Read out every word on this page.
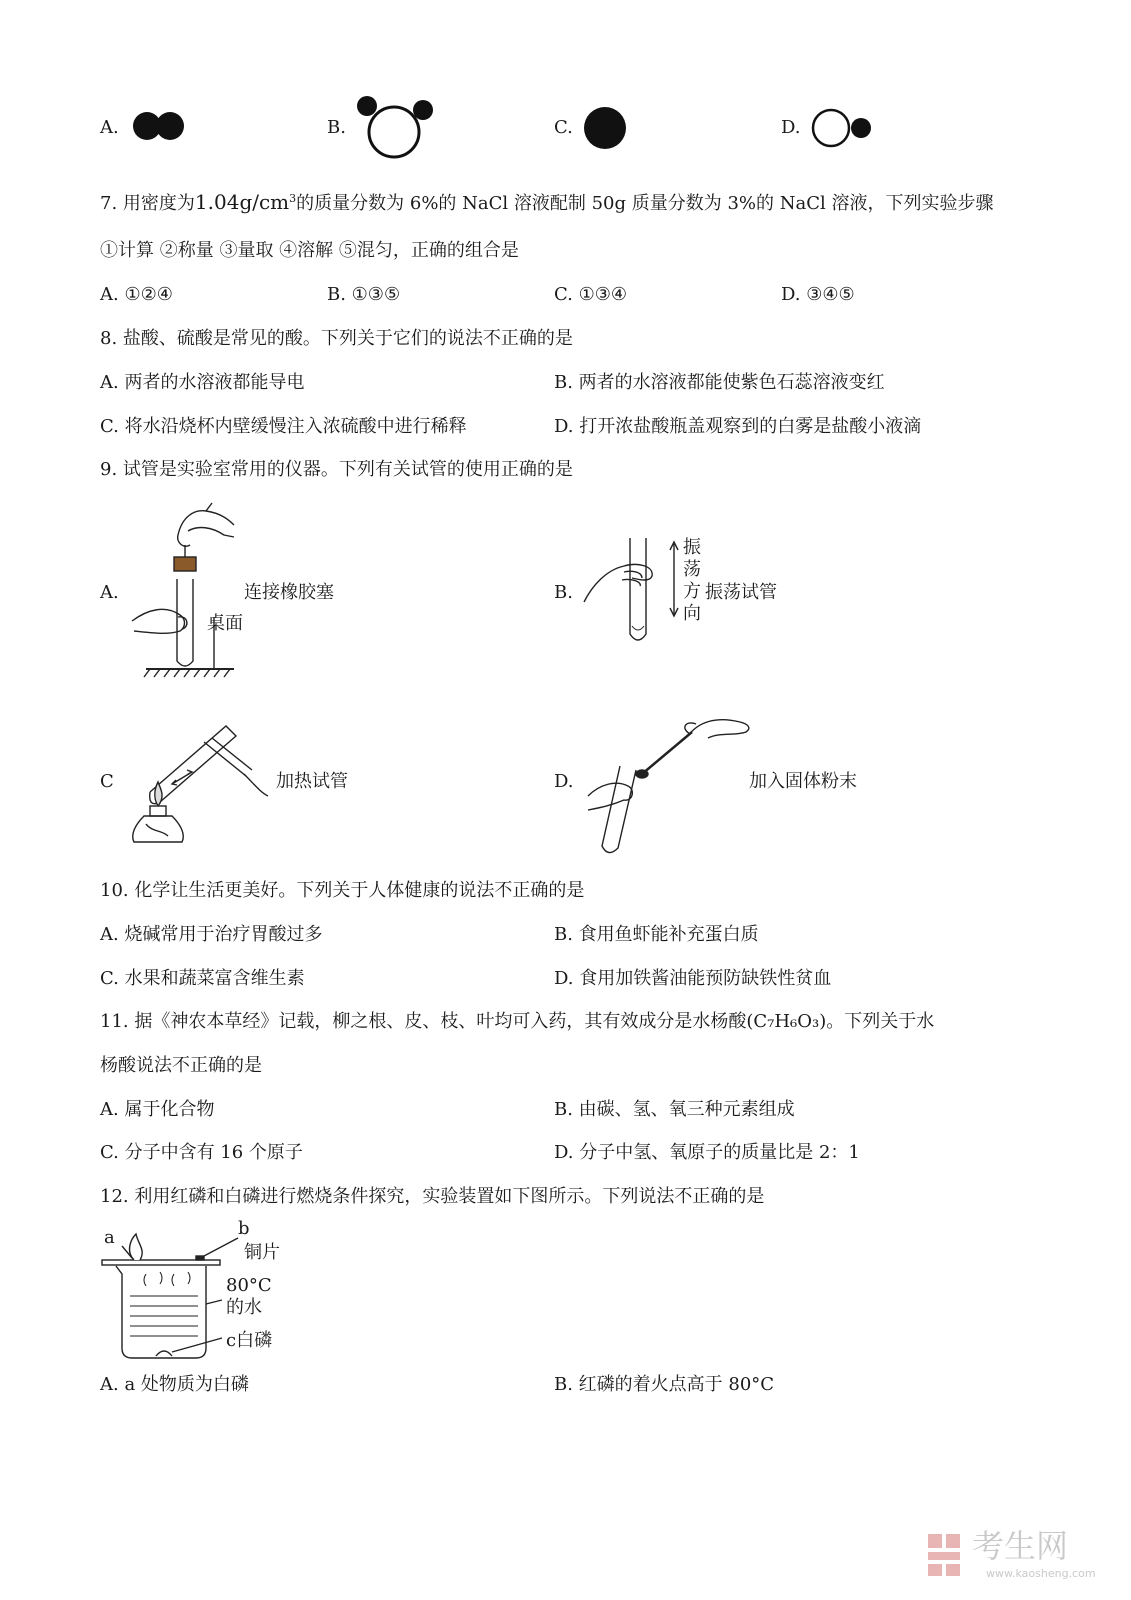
A.	B.	C.	D.
7. 用密度为$1.04g/cm^3$的质量分数为 6%的 NaCl 溶液配制 50g 质量分数为 3%的 NaCl 溶液，下列实验步骤
①计算 ②称量 ③量取 ④溶解 ⑤混匀，正确的组合是
A. ①②④	B. ①③⑤	C. ①③④	D. ③④⑤
8. 盐酸、硫酸是常见的酸。下列关于它们的说法不正确的是
A. 两者的水溶液都能导电	B. 两者的水溶液都能使紫色石蕊溶液变红
C. 将水沿烧杯内壁缓慢注入浓硫酸中进行稀释	D. 打开浓盐酸瓶盖观察到的白雾是盐酸小液滴
9. 试管是实验室常用的仪器。下列有关试管的使用正确的是
A.
桌面
连接橡胶塞	B.
振
荡
方
向
振荡试管
C	加热试管	D.	加入固体粉末
10. 化学让生活更美好。下列关于人体健康的说法不正确的是
A. 烧碱常用于治疗胃酸过多	B. 食用鱼虾能补充蛋白质
C. 水果和蔬菜富含维生素	D. 食用加铁酱油能预防缺铁性贫血
11. 据《神农本草经》记载，柳之根、皮、枝、叶均可入药，其有效成分是水杨酸(C₇H₆O₃)。下列关于水
杨酸说法不正确的是
A. 属于化合物	B. 由碳、氢、氧三种元素组成
C. 分子中含有 16 个原子	D. 分子中氢、氧原子的质量比是 2：1
12. 利用红磷和白磷进行燃烧条件探究，实验装置如下图所示。下列说法不正确的是
a	b
铜片
80°C
的水
c白磷
A. a 处物质为白磷	B. 红磷的着火点高于 80°C
考生网
www.kaosheng.com
